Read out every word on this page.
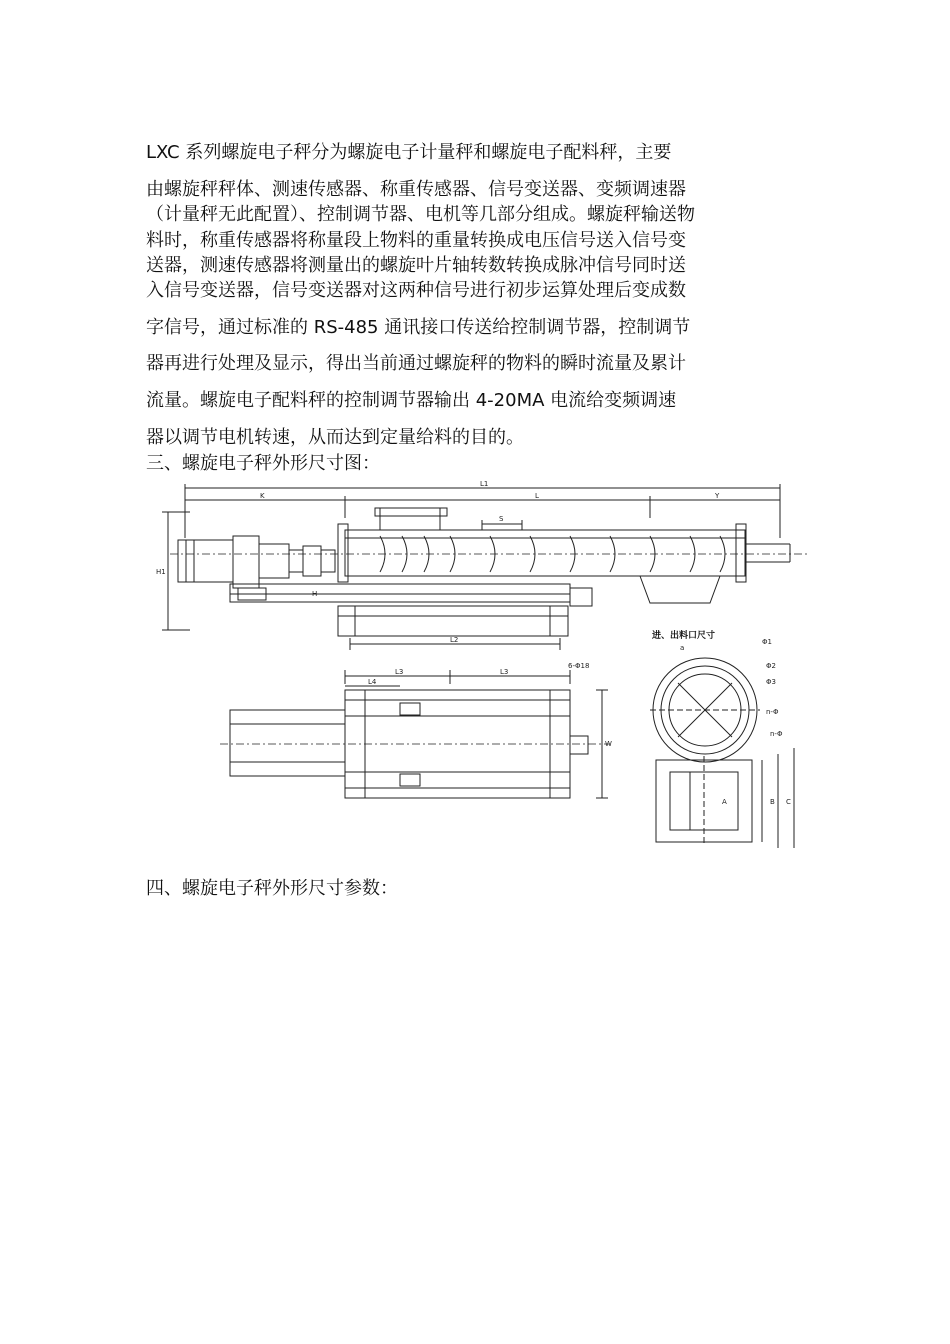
LXC 系列螺旋电子秤分为螺旋电子计量秤和螺旋电子配料秤，主要
由螺旋秤秤体、测速传感器、称重传感器、信号变送器、变频调速器
（计量秤无此配置）、控制调节器、电机等几部分组成。螺旋秤输送物
料时，称重传感器将称量段上物料的重量转换成电压信号送入信号变
送器，测速传感器将测量出的螺旋叶片轴转数转换成脉冲信号同时送
入信号变送器，信号变送器对这两种信号进行初步运算处理后变成数
字信号，通过标准的 RS-485 通讯接口传送给控制调节器，控制调节
器再进行处理及显示，得出当前通过螺旋秤的物料的瞬时流量及累计
流量。螺旋电子配料秤的控制调节器输出 4-20MA 电流给变频调速
器以调节电机转速，从而达到定量给料的目的。
三、螺旋电子秤外形尺寸图：
L1
K	L	Y
S
H1
H
L2
L3	L3
L4
6-Φ18
W
进、出料口尺寸
a
Φ1
Φ2
Φ3
n-Φ
n-Φ
A	B C
四、螺旋电子秤外形尺寸参数：
